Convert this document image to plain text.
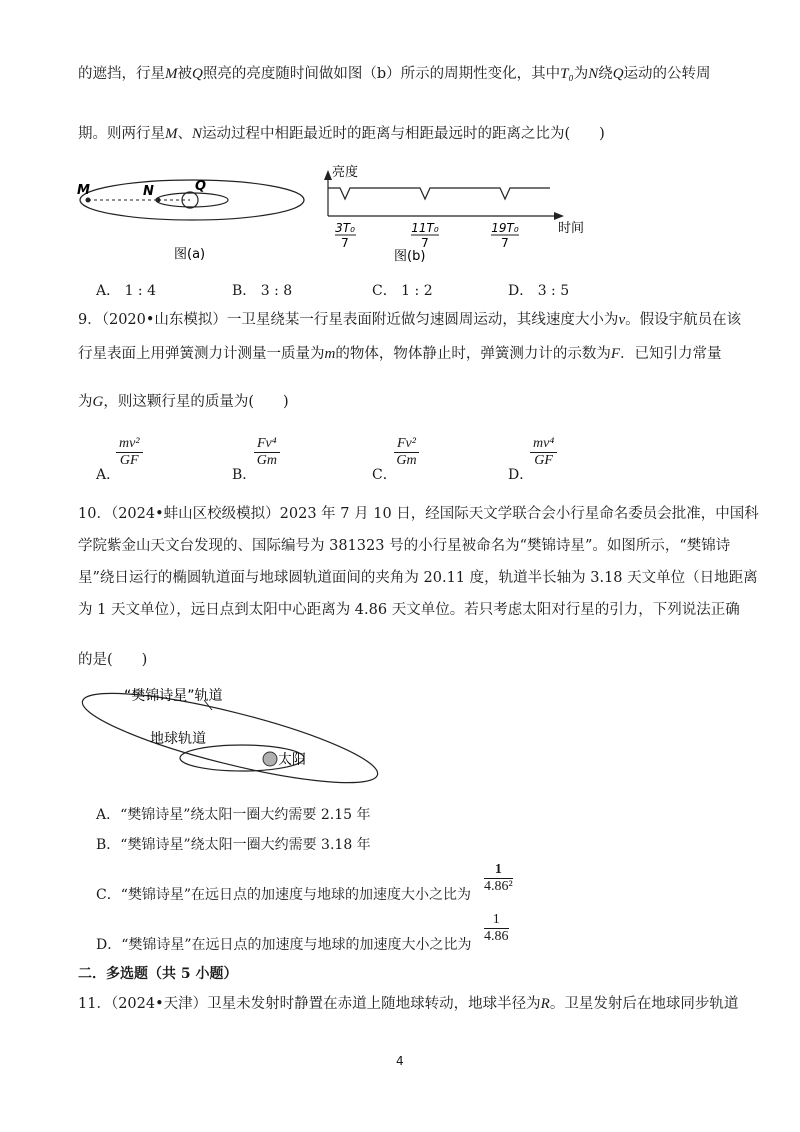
的遮挡，行星M被Q照亮的亮度随时间做如图（b）所示的周期性变化，其中T₀为N绕Q运动的公转周
期。则两行星M、N运动过程中相距最近时的距离与相距最远时的距离之比为(　　)
M	N	Q
图(a)
亮度
时间
3T₀
7
11T₀
7
19T₀
7
图(b)
A． 1 : 4	B． 3 : 8	C． 1 : 2	D． 3 : 5
9．（2020•山东模拟）一卫星绕某一行星表面附近做匀速圆周运动，其线速度大小为v。假设宇航员在该
行星表面上用弹簧测力计测量一质量为m的物体，物体静止时，弹簧测力计的示数为F．已知引力常量
为G，则这颗行星的质量为(　　)
A．
$\frac{\text{mv²}}{GF}$
B．
$\frac{\text{Fv⁴}}{Gm}$
C．
$\frac{\text{Fv²}}{Gm}$
D．
$\frac{\text{mv⁴}}{GF}$
10．（2024•蚌山区校级模拟）2023 年 7 月 10 日，经国际天文学联合会小行星命名委员会批准，中国科
学院紫金山天文台发现的、国际编号为 381323 号的小行星被命名为“樊锦诗星”。如图所示，“樊锦诗
星”绕日运行的椭圆轨道面与地球圆轨道面间的夹角为 20.11 度，轨道半长轴为 3.18 天文单位（日地距离
为 1 天文单位），远日点到太阳中心距离为 4.86 天文单位。若只考虑太阳对行星的引力，下列说法正确
的是(　　)
“樊锦诗星”轨道
地球轨道
太阳
A．“樊锦诗星”绕太阳一圈大约需要 2.15 年
B．“樊锦诗星”绕太阳一圈大约需要 3.18 年
C．“樊锦诗星”在远日点的加速度与地球的加速度大小之比为 $\frac{1}{\text{4.86²}}$
D．“樊锦诗星”在远日点的加速度与地球的加速度大小之比为 $\frac{1}{4.86}$
二．多选题（共 5 小题）
11．（2024•天津）卫星未发射时静置在赤道上随地球转动，地球半径为R。卫星发射后在地球同步轨道
4
